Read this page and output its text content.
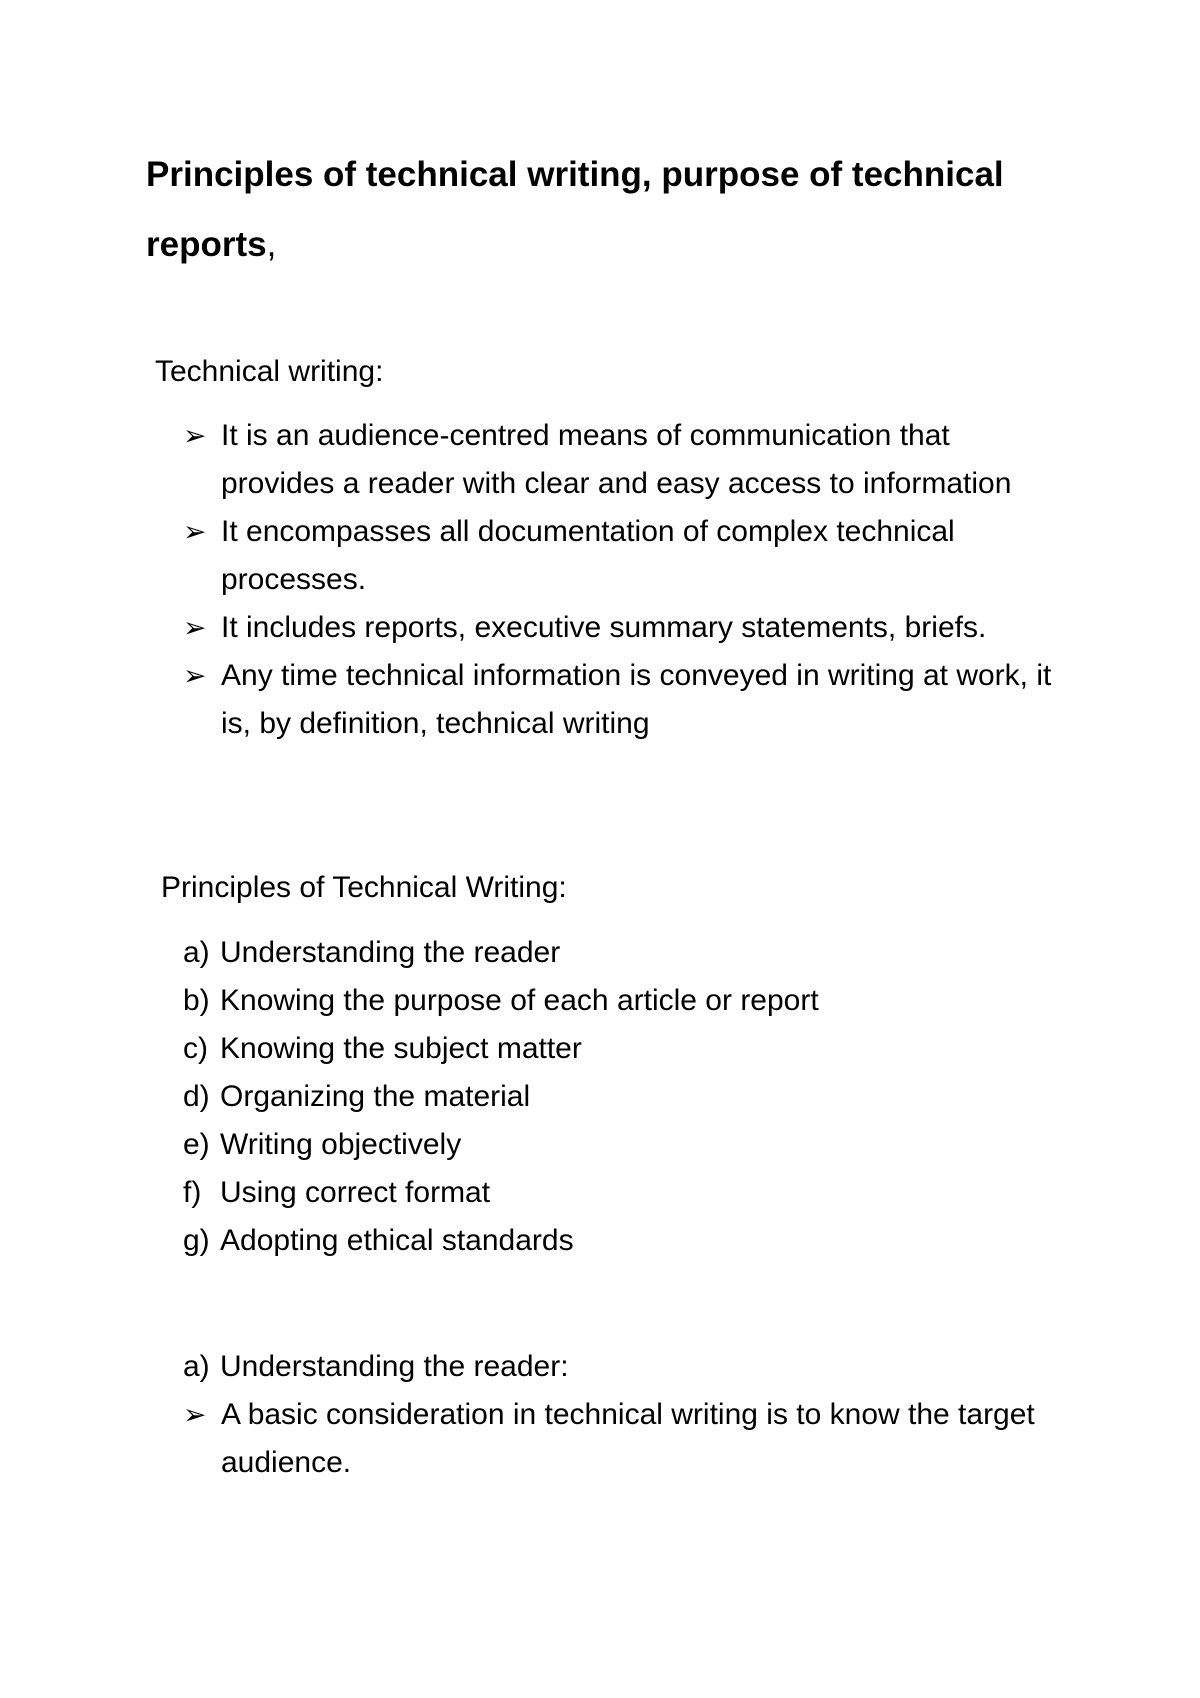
Principles of technical writing, purpose of technical reports,

Technical writing:

➢ It is an audience-centred means of communication that provides a reader with clear and easy access to information
➢ It encompasses all documentation of complex technical processes.
➢ It includes reports, executive summary statements, briefs.
➢ Any time technical information is conveyed in writing at work, it is, by definition, technical writing

Principles of Technical Writing:

a) Understanding the reader
b) Knowing the purpose of each article or report
c) Knowing the subject matter
d) Organizing the material
e) Writing objectively
f) Using correct format
g) Adopting ethical standards

a) Understanding the reader:

➢ A basic consideration in technical writing is to know the target audience.
